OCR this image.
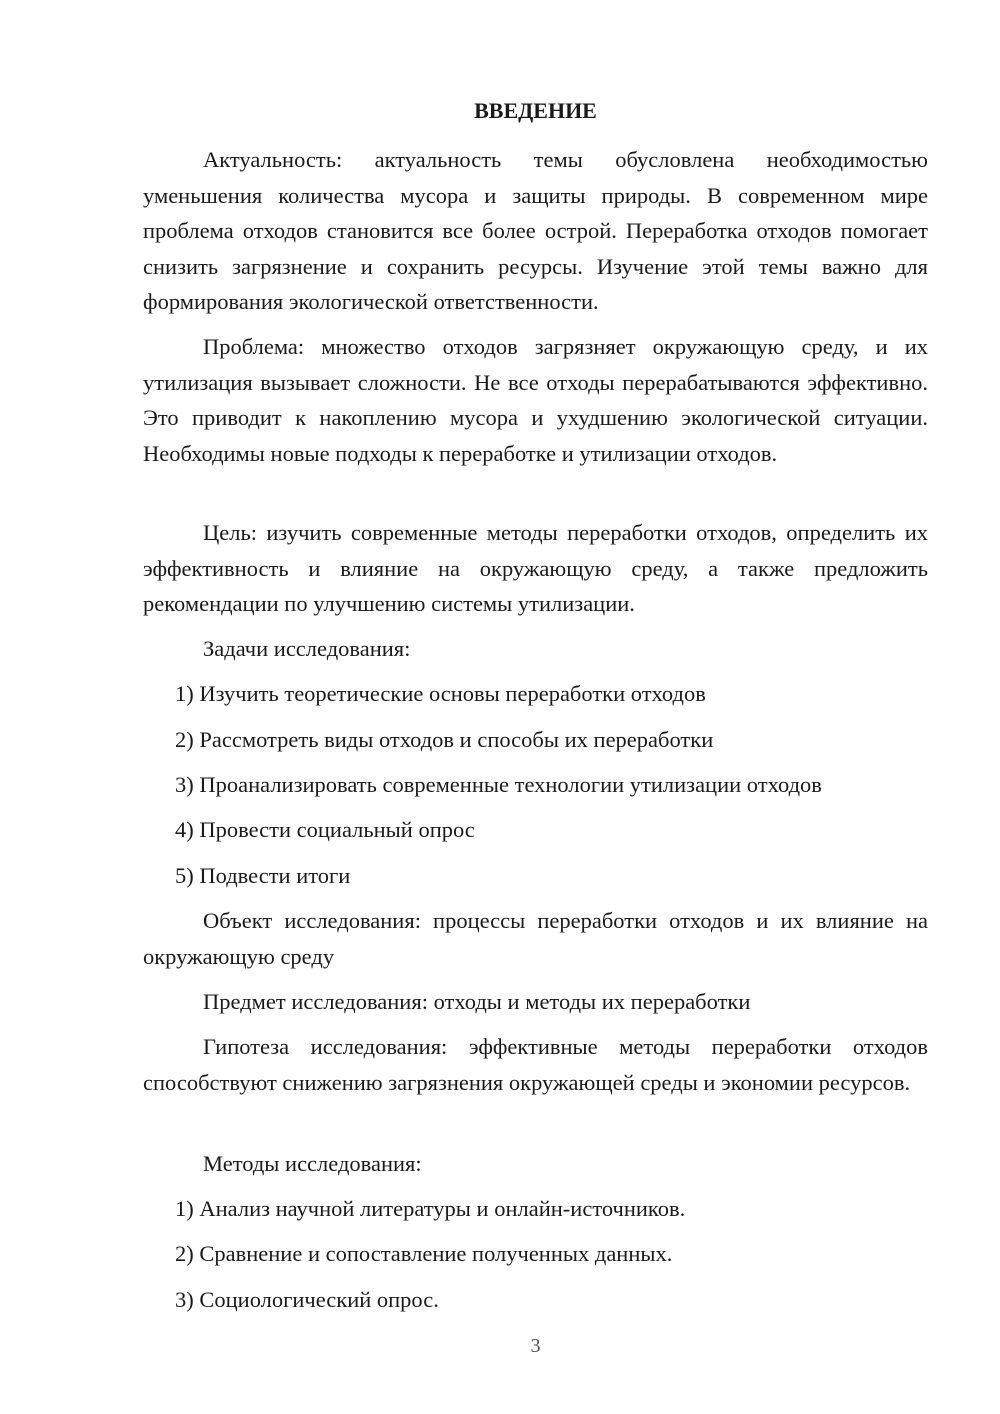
ВВЕДЕНИЕ

Актуальность: актуальность темы обусловлена необходимостью уменьшения количества мусора и защиты природы. В современном мире проблема отходов становится все более острой. Переработка отходов помогает снизить загрязнение и сохранить ресурсы. Изучение этой темы важно для формирования экологической ответственности.

Проблема: множество отходов загрязняет окружающую среду, и их утилизация вызывает сложности. Не все отходы перерабатываются эффективно. Это приводит к накоплению мусора и ухудшению экологической ситуации. Необходимы новые подходы к переработке и утилизации отходов.

Цель: изучить современные методы переработки отходов, определить их эффективность и влияние на окружающую среду, а также предложить рекомендации по улучшению системы утилизации.

Задачи исследования:

1) Изучить теоретические основы переработки отходов

2) Рассмотреть виды отходов и способы их переработки

3) Проанализировать современные технологии утилизации отходов

4) Провести социальный опрос

5) Подвести итоги

Объект исследования: процессы переработки отходов и их влияние на окружающую среду

Предмет исследования: отходы и методы их переработки

Гипотеза исследования: эффективные методы переработки отходов способствуют снижению загрязнения окружающей среды и экономии ресурсов.

Методы исследования:

1) Анализ научной литературы и онлайн-источников.

2) Сравнение и сопоставление полученных данных.

3) Социологический опрос.

3
